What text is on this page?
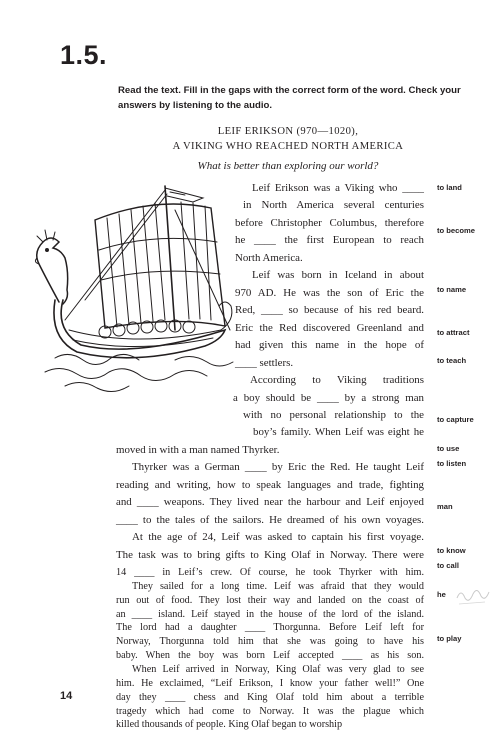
1.5.
Read the text. Fill in the gaps with the correct form of the word. Check your answers by listening to the audio.
LEIF ERIKSON (970—1020),
A VIKING WHO REACHED NORTH AMERICA
What is better than exploring our world?
Leif Erikson was a Viking who ____
in North America several centuries
before Christopher Columbus, therefore
he ____ the first European to reach
North America.
Leif was born in Iceland in about
970 AD. He was the son of Eric the
Red, ____ so because of his red beard.
Eric the Red discovered Greenland and
had given this name in the hope of
____ settlers.
According to Viking traditions
a boy should be ____ by a strong man
with no personal relationship to the
boy’s family. When Leif was eight he
moved in with a man named Thyrker.
Thyrker was a German ____ by Eric the Red. He taught Leif
reading and writing, how to speak languages and trade, fighting
and ____ weapons. They lived near the harbour and Leif enjoyed
____ to the tales of the sailors. He dreamed of his own voyages.
At the age of 24, Leif was asked to captain his first voyage.
The task was to bring gifts to King Olaf in Norway. There were
14 ____ in Leif’s crew. Of course, he took Thyrker with him.
They sailed for a long time. Leif was afraid that they would
run out of food. They lost their way and landed on the coast of
an ____ island. Leif stayed in the house of the lord of the island.
The lord had a daughter ____ Thorgunna. Before Leif left for
Norway, Thorgunna told him that she was going to have his
baby. When the boy was born Leif accepted ____ as his son.
When Leif arrived in Norway, King Olaf was very glad to see
him. He exclaimed, “Leif Erikson, I know your father well!” One
to land
to become
to name
to attract
to teach
to capture
to use
to listen
man
to know
to call
he
to play
14	day they ____ chess and King Olaf told him about a terrible
tragedy which had come to Norway. It was the plague which
killed thousands of people. King Olaf began to worship
